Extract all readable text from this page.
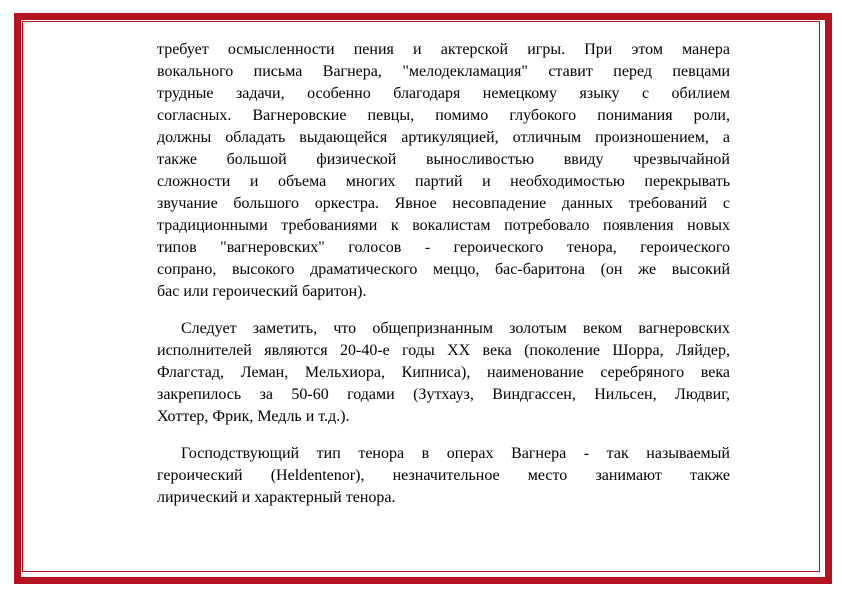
требует осмысленности пения и актерской игры. При этом манера
вокального письма Вагнера, "мелодекламация" ставит перед певцами
трудные задачи, особенно благодаря немецкому языку с обилием
согласных. Вагнеровские певцы, помимо глубокого понимания роли,
должны обладать выдающейся артикуляцией, отличным произношением, а
также большой физической выносливостью ввиду чрезвычайной
сложности и объема многих партий и необходимостью перекрывать
звучание большого оркестра. Явное несовпадение данных требований с
традиционными требованиями к вокалистам потребовало появления новых
типов "вагнеровских" голосов - героического тенора, героического
сопрано, высокого драматического меццо, бас-баритона (он же высокий
бас или героический баритон).

Следует заметить, что общепризнанным золотым веком вагнеровских
исполнителей являются 20-40-е годы XX века (поколение Шорра, Ляйдер,
Флагстад, Леман, Мельхиора, Кипниса), наименование серебряного века
закрепилось за 50-60 годами (Зутхауз, Виндгассен, Нильсен, Людвиг,
Хоттер, Фрик, Медль и т.д.).

Господствующий тип тенора в операх Вагнера - так называемый
героический (Heldentenor), незначительное место занимают также
лирический и характерный тенора.
